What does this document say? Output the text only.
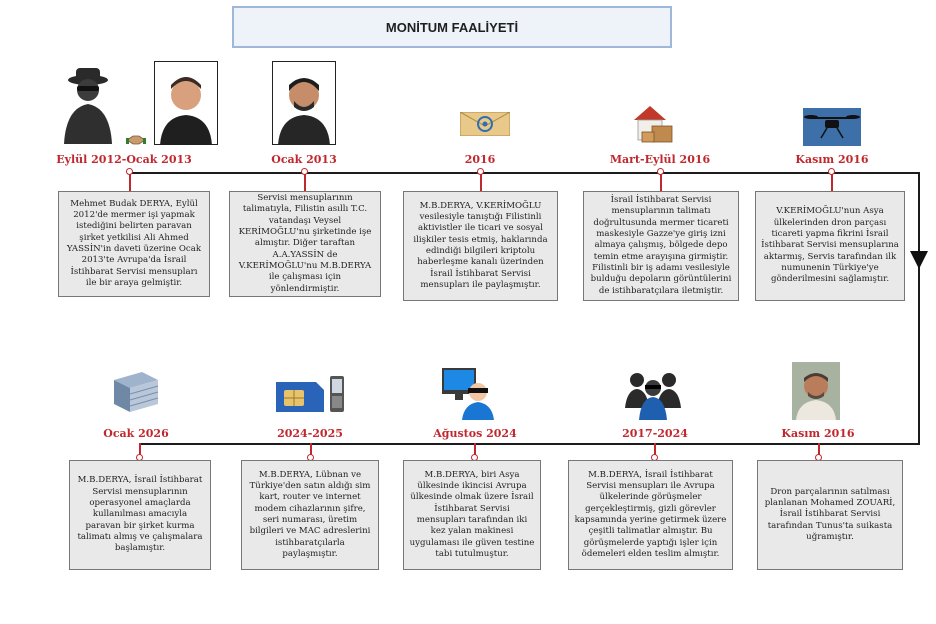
MONİTUM FAALİYETİ
Eylül 2012-Ocak 2013
Mehmet Budak DERYA, Eylül 2012'de mermer işi yapmak istediğini belirten paravan şirket yetkilisi Ali Ahmed YASSİN'in daveti üzerine Ocak 2013'te Avrupa'da İsrail İstihbarat Servisi mensupları ile bir araya gelmiştir.
Ocak 2013
Servisi mensuplarının talimatıyla, Filistin asıllı T.C. vatandaşı Veysel KERİMOĞLU'nu şirketinde işe almıştır. Diğer taraftan A.A.YASSİN de V.KERİMOĞLU'nu M.B.DERYA ile çalışması için yönlendirmiştir.
2016
M.B.DERYA, V.KERİMOĞLU vesilesiyle tanıştığı Filistinli aktivistler ile ticari ve sosyal ilişkiler tesis etmiş, haklarında edindiği bilgileri kriptolu haberleşme kanalı üzerinden İsrail İstihbarat Servisi mensupları ile paylaşmıştır.
Mart-Eylül 2016
İsrail İstihbarat Servisi mensuplarının talimatı doğrultusunda mermer ticareti maskesiyle Gazze'ye giriş izni almaya çalışmış, bölgede depo temin etme arayışına girmiştir. Filistinli bir iş adamı vesilesiyle bulduğu depoların görüntülerini de istihbaratçılara iletmiştir.
Kasım 2016
V.KERİMOĞLU'nun Asya ülkelerinden dron parçası ticareti yapma fikrini İsrail İstihbarat Servisi mensuplarına aktarmış, Servis tarafından ilk numunenin Türkiye'ye gönderilmesini sağlamıştır.
Ocak 2026
M.B.DERYA, İsrail İstihbarat Servisi mensuplarının operasyonel amaçlarda kullanılması amacıyla paravan bir şirket kurma talimatı almış ve çalışmalara başlamıştır.
2024-2025
M.B.DERYA, Lübnan ve Türkiye'den satın aldığı sim kart, router ve internet modem cihazlarının şifre, seri numarası, üretim bilgileri ve MAC adreslerini istihbaratçılarla paylaşmıştır.
Ağustos 2024
M.B.DERYA, biri Asya ülkesinde ikincisi Avrupa ülkesinde olmak üzere İsrail İstihbarat Servisi mensupları tarafından iki kez yalan makinesi uygulaması ile güven testine tabi tutulmuştur.
2017-2024
M.B.DERYA, İsrail İstihbarat Servisi mensupları ile Avrupa ülkelerinde görüşmeler gerçekleştirmiş, gizli görevler kapsamında yerine getirmek üzere çeşitli talimatlar almıştır. Bu görüşmelerde yaptığı işler için ödemeleri elden teslim almıştır.
Kasım 2016
Dron parçalarının satılması planlanan Mohamed ZOUARİ, İsrail İstihbarat Servisi tarafından Tunus'ta suikasta uğramıştır.
